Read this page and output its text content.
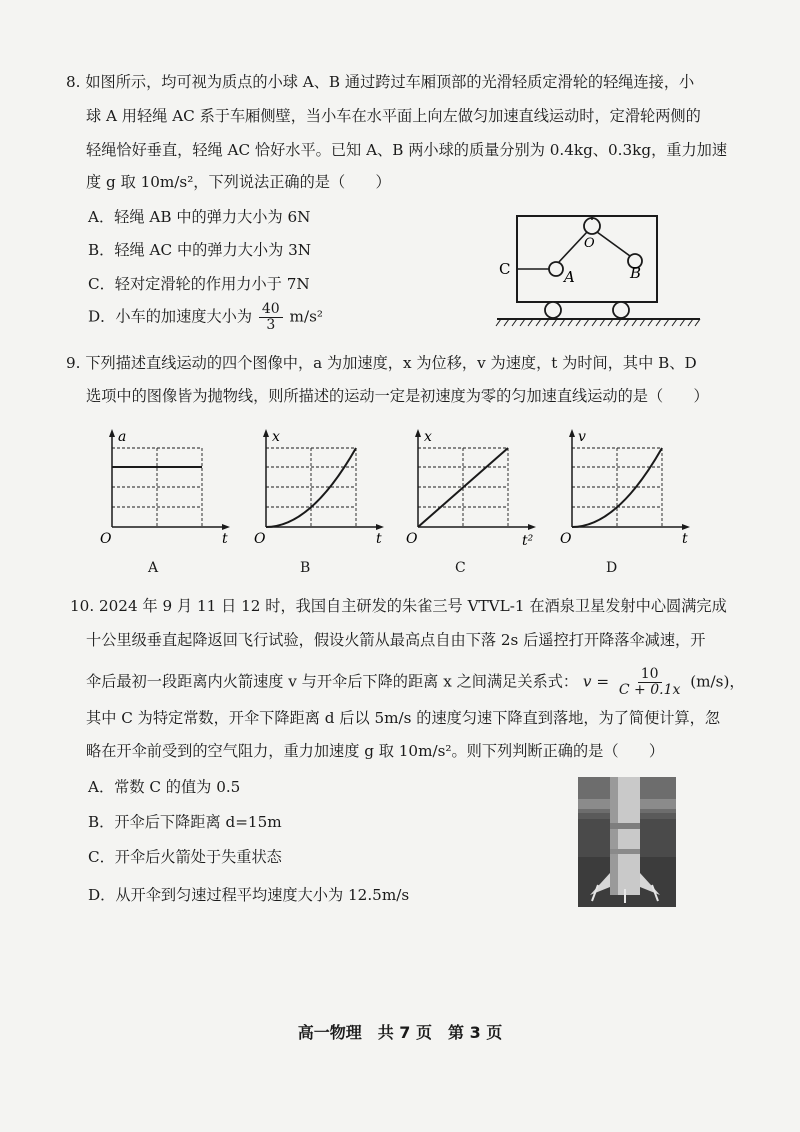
8. 如图所示，均可视为质点的小球 A、B 通过跨过车厢顶部的光滑轻质定滑轮的轻绳连接，小
球 A 用轻绳 AC 系于车厢侧壁，当小车在水平面上向左做匀加速直线运动时，定滑轮两侧的
轻绳恰好垂直，轻绳 AC 恰好水平。已知 A、B 两小球的质量分别为 0.4kg、0.3kg，重力加速
度 g 取 10m/s²，下列说法正确的是（　　）
A．轻绳 AB 中的弹力大小为 6N
B．轻绳 AC 中的弹力大小为 3N
C．轻对定滑轮的作用力小于 7N
D．小车的加速度大小为 $\frac{40}{3} m/s^2$
C	A	B
O
9. 下列描述直线运动的四个图像中，a 为加速度，x 为位移，v 为速度，t 为时间，其中 B、D
选项中的图像皆为抛物线，则所描述的运动一定是初速度为零的匀加速直线运动的是（　　）
a
t
O
A
x
t
O
B
x
t²
O
C
v
t
O
D
10. 2024 年 9 月 11 日 12 时，我国自主研发的朱雀三号 VTVL-1 在酒泉卫星发射中心圆满完成
十公里级垂直起降返回飞行试验，假设火箭从最高点自由下落 2s 后遥控打开降落伞减速，开
伞后最初一段距离内火箭速度 v 与开伞后下降的距离 x 之间满足关系式： $v = \frac{10}{C + 0.1x} (m/s)$，
其中 C 为特定常数，开伞下降距离 d 后以 5m/s 的速度匀速下降直到落地，为了简便计算，忽
略在开伞前受到的空气阻力，重力加速度 g 取 10m/s²。则下列判断正确的是（　　）
A．常数 C 的值为 0.5
B．开伞后下降距离 d=15m
C．开伞后火箭处于失重状态
D．从开伞到匀速过程平均速度大小为 12.5m/s
高一物理　共 7 页　第 3 页
